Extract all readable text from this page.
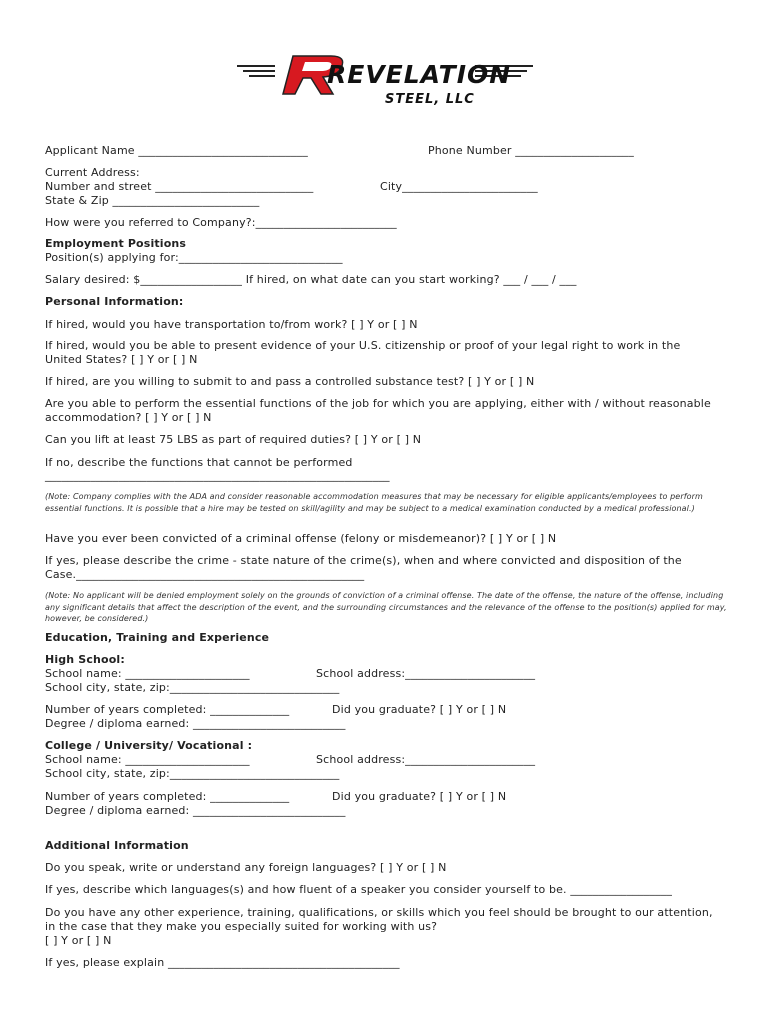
REVELATION
STEEL, LLC
Applicant Name ______________________________	Phone Number _____________________
Current Address:
Number and street ____________________________	City________________________
State & Zip __________________________
How were you referred to Company?:_________________________
Employment Positions
Position(s) applying for:_____________________________
Salary desired: $__________________ If hired, on what date can you start working? ___ / ___ / ___
Personal Information:
If hired, would you have transportation to/from work? [ ] Y or [ ] N
If hired, would you be able to present evidence of your U.S. citizenship or proof of your legal right to work in the
United States? [ ] Y or [ ] N
If hired, are you willing to submit to and pass a controlled substance test? [ ] Y or [ ] N
Are you able to perform the essential functions of the job for which you are applying, either with / without reasonable
accommodation? [ ] Y or [ ] N
Can you lift at least 75 LBS as part of required duties? [ ] Y or [ ] N
If no, describe the functions that cannot be performed
_____________________________________________________________
(Note: Company complies with the ADA and consider reasonable accommodation measures that may be necessary for eligible applicants/employees to perform essential functions. It is possible that a hire may be tested on skill/agility and may be subject to a medical examination conducted by a medical professional.)
Have you ever been convicted of a criminal offense (felony or misdemeanor)? [ ] Y or [ ] N
If yes, please describe the crime - state nature of the crime(s), when and where convicted and disposition of the
Case.___________________________________________________
(Note: No applicant will be denied employment solely on the grounds of conviction of a criminal offense. The date of the offense, the nature of the offense, including any significant details that affect the description of the event, and the surrounding circumstances and the relevance of the offense to the position(s) applied for may, however, be considered.)
Education, Training and Experience
High School:
School name: ______________________	School address:_______________________
School city, state, zip:______________________________
Number of years completed: ______________	Did you graduate? [ ] Y or [ ] N
Degree / diploma earned: ___________________________
College / University/ Vocational :
School name: ______________________	School address:_______________________
School city, state, zip:______________________________
Number of years completed: ______________	Did you graduate? [ ] Y or [ ] N
Degree / diploma earned: ___________________________
Additional Information
Do you speak, write or understand any foreign languages? [ ] Y or [ ] N
If yes, describe which languages(s) and how fluent of a speaker you consider yourself to be. __________________
Do you have any other experience, training, qualifications, or skills which you feel should be brought to our attention,
in the case that they make you especially suited for working with us?
[ ] Y or [ ] N
If yes, please explain _________________________________________
